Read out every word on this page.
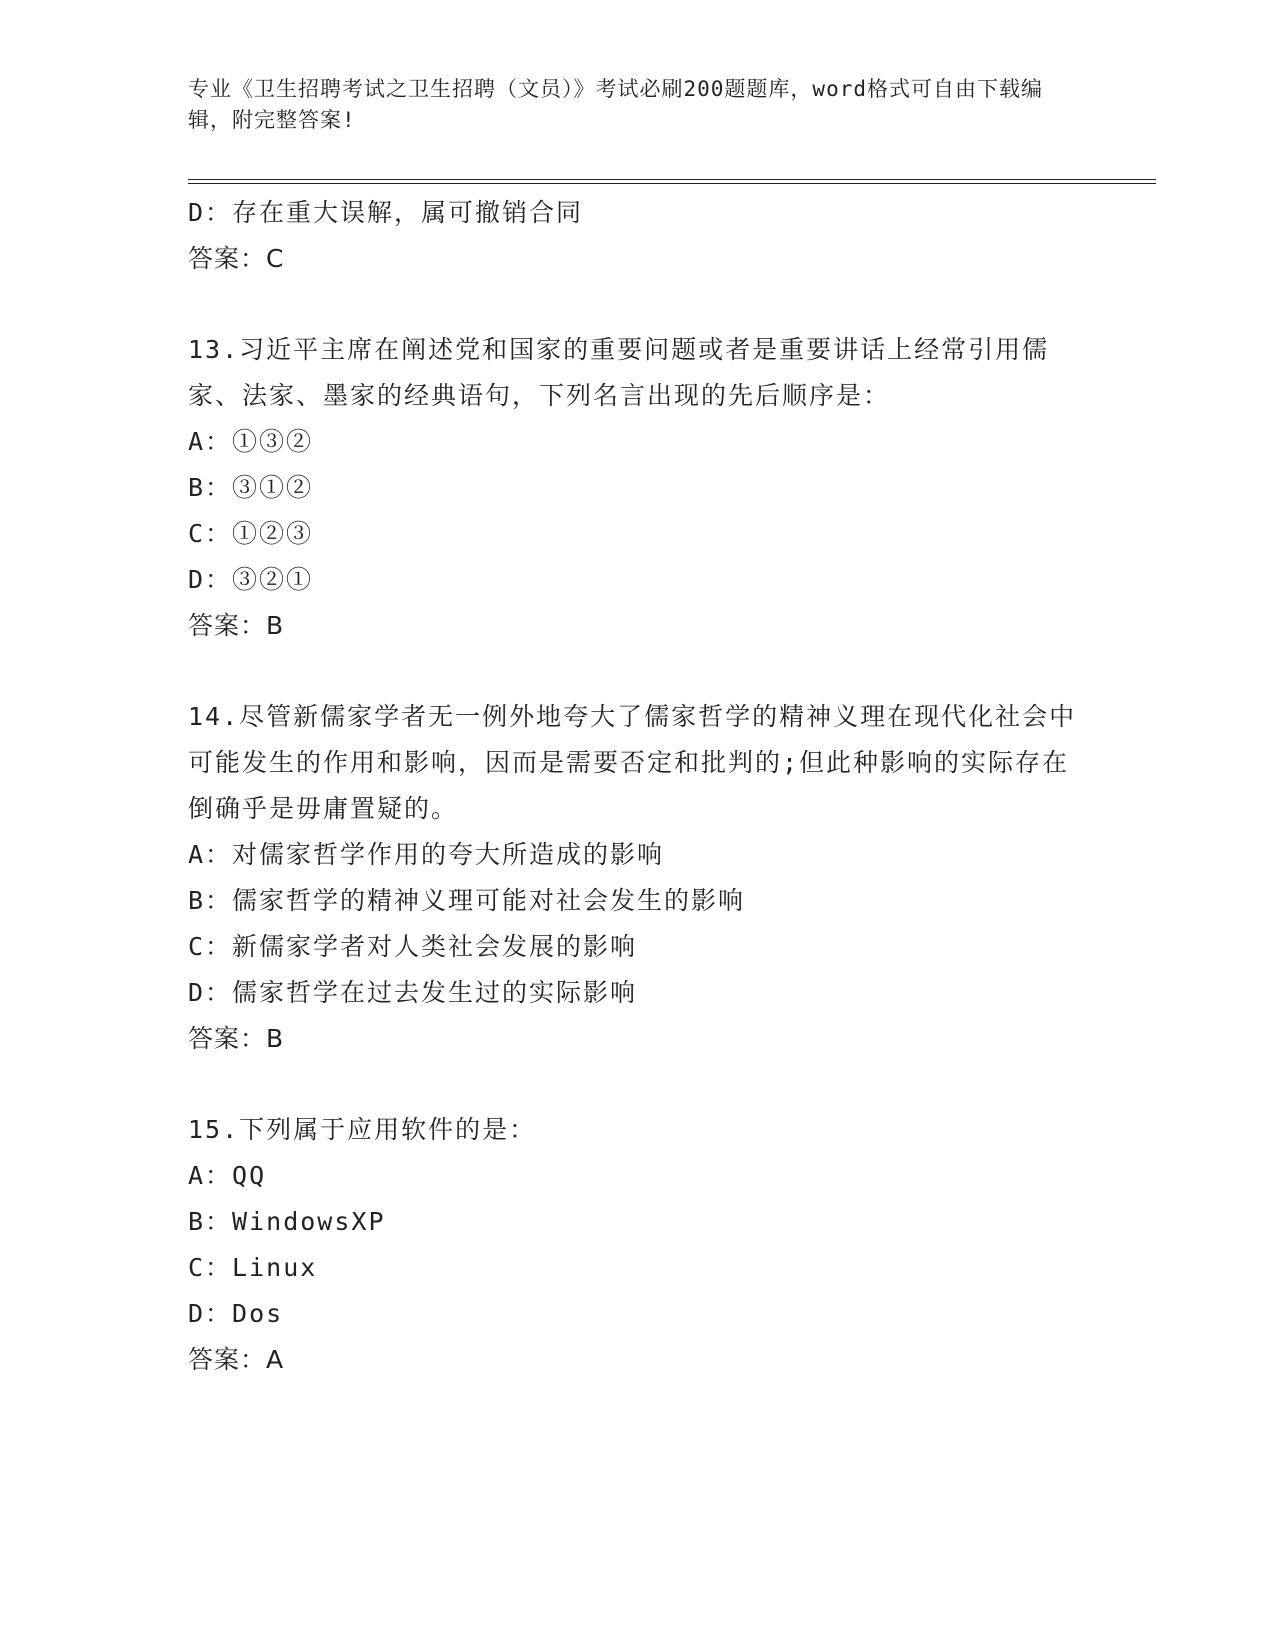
专业《卫生招聘考试之卫生招聘（文员）》考试必刷200题题库，word格式可自由下载编辑，附完整答案!
D：存在重大误解，属可撤销合同
答案：C
13.习近平主席在阐述党和国家的重要问题或者是重要讲话上经常引用儒家、法家、墨家的经典语句，下列名言出现的先后顺序是：
A：①③②
B：③①②
C：①②③
D：③②①
答案：B
14.尽管新儒家学者无一例外地夸大了儒家哲学的精神义理在现代化社会中可能发生的作用和影响，因而是需要否定和批判的;但此种影响的实际存在倒确乎是毋庸置疑的。
A：对儒家哲学作用的夸大所造成的影响
B：儒家哲学的精神义理可能对社会发生的影响
C：新儒家学者对人类社会发展的影响
D：儒家哲学在过去发生过的实际影响
答案：B
15.下列属于应用软件的是：
A：QQ
B：WindowsXP
C：Linux
D：Dos
答案：A
